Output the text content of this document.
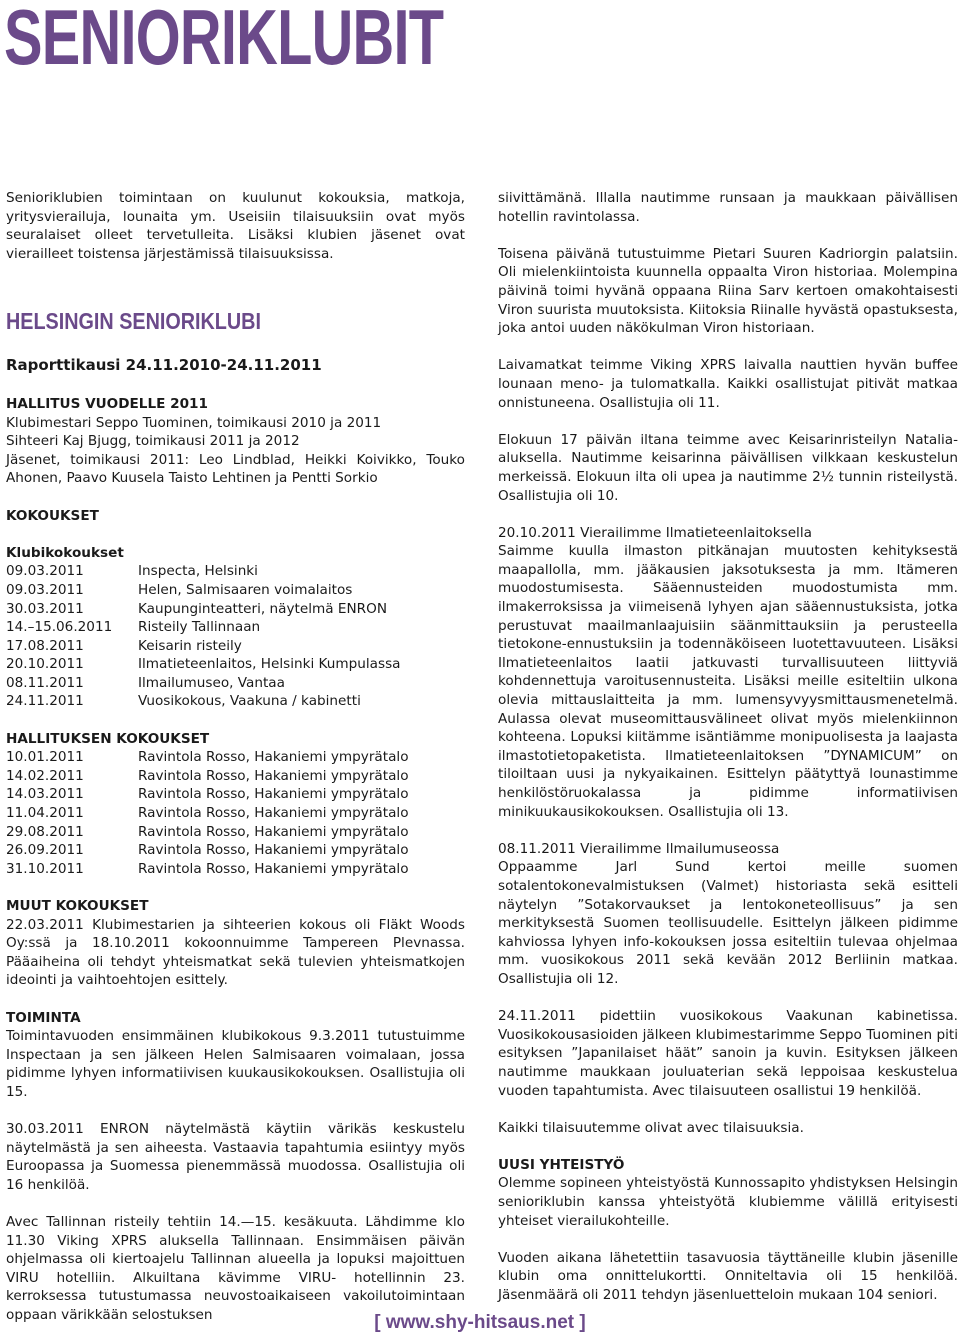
SENIORIKLUBIT

Senioriklubien toimintaan on kuulunut kokouksia, matkoja, yritysvierailuja, lounaita ym. Useisiin tilaisuuksiin ovat myös seuralaiset olleet tervetulleita. Lisäksi klubien jäsenet ovat vierailleet toistensa järjestämissä tilaisuuksissa.

HELSINGIN SENIORIKLUBI
Raporttikausi 24.11.2010-24.11.2011
HALLITUS VUODELLE 2011
Klubimestari Seppo Tuominen, toimikausi 2010 ja 2011
Sihteeri Kaj Bjugg, toimikausi 2011 ja 2012

Jäsenet, toimikausi 2011: Leo Lindblad, Heikki Koivikko, Touko Ahonen, Paavo Kuusela Taisto Lehtinen ja Pentti Sorkio

KOKOUKSET
Klubikokoukset
09.03.2011	Inspecta, Helsinki
09.03.2011	Helen, Salmisaaren voimalaitos
30.03.2011	Kaupunginteatteri, näytelmä ENRON
14.–15.06.2011	Risteily Tallinnaan
17.08.2011	Keisarin risteily
20.10.2011	Ilmatieteenlaitos, Helsinki Kumpulassa
08.11.2011	Ilmailumuseo, Vantaa
24.11.2011	Vuosikokous, Vaakuna / kabinetti
HALLITUKSEN KOKOUKSET
10.01.2011	Ravintola Rosso, Hakaniemi ympyrätalo
14.02.2011	Ravintola Rosso, Hakaniemi ympyrätalo
14.03.2011	Ravintola Rosso, Hakaniemi ympyrätalo
11.04.2011	Ravintola Rosso, Hakaniemi ympyrätalo
29.08.2011	Ravintola Rosso, Hakaniemi ympyrätalo
26.09.2011	Ravintola Rosso, Hakaniemi ympyrätalo
31.10.2011	Ravintola Rosso, Hakaniemi ympyrätalo
MUUT KOKOUKSET

22.03.2011 Klubimestarien ja sihteerien kokous oli Fläkt Woods Oy:ssä ja 18.10.2011 kokoonnuimme Tampereen Plevnassa. Pääaiheina oli tehdyt yhteismatkat sekä tulevien yhteismatkojen ideointi ja vaihtoehtojen esittely.

TOIMINTA

Toimintavuoden ensimmäinen klubikokous 9.3.2011 tutustuimme Inspectaan ja sen jälkeen Helen Salmisaaren voimalaan, jossa pidimme lyhyen informatiivisen kuukausikokouksen. Osallistujia oli 15.

30.03.2011 ENRON näytelmästä käytiin värikäs keskustelu näytelmästä ja sen aiheesta. Vastaavia tapahtumia esiintyy myös Euroopassa ja Suomessa pienemmässä muodossa. Osallistujia oli 16 henkilöä.

Avec Tallinnan risteily tehtiin 14.—15. kesäkuuta. Lähdimme klo 11.30 Viking XPRS aluksella Tallinnaan. Ensimmäisen päivän ohjelmassa oli kiertoajelu Tallinnan alueella ja lopuksi majoittuen VIRU hotelliin. Alkuiltana kävimme VIRU- hotellinnin 23. kerroksessa tutustumassa neuvostoaikaiseen vakoilutoimintaan oppaan värikkään selostuksen

siivittämänä. Illalla nautimme runsaan ja maukkaan päivällisen hotellin ravintolassa.

Toisena päivänä tutustuimme Pietari Suuren Kadriorgin palatsiin. Oli mielenkiintoista kuunnella oppaalta Viron historiaa. Molempina päivinä toimi hyvänä oppaana Riina Sarv kertoen omakohtaisesti Viron suurista muutoksista. Kiitoksia Riinalle hyvästä opastuksesta, joka antoi uuden näkökulman Viron historiaan.

Laivamatkat teimme Viking XPRS laivalla nauttien hyvän buffee lounaan meno- ja tulomatkalla. Kaikki osallistujat pitivät matkaa onnistuneena. Osallistujia oli 11.

Elokuun 17 päivän iltana teimme avec Keisarinristeilyn Natalia-aluksella. Nautimme keisarinna päivällisen vilkkaan keskustelun merkeissä. Elokuun ilta oli upea ja nautimme 2½ tunnin risteilystä. Osallistujia oli 10.

20.10.2011 Vierailimme Ilmatieteenlaitoksella

Saimme kuulla ilmaston pitkänajan muutosten kehityksestä maapallolla, mm. jääkausien jaksotuksesta ja mm. Itämeren muodostumisesta. Sääennusteiden muodostumista mm. ilmakerroksissa ja viimeisenä lyhyen ajan sääennustuksista, jotka perustuvat maailmanlaajuisiin säänmittauksiin ja perusteella tietokone-ennustuksiin ja todennäköiseen luotettavuuteen. Lisäksi Ilmatieteenlaitos laatii jatkuvasti turvallisuuteen liittyviä kohdennettuja varoitusennusteita. Lisäksi meille esiteltiin ulkona olevia mittauslaitteita ja mm. lumensyvyysmittausmenetelmä. Aulassa olevat museomittausvälineet olivat myös mielenkiinnon kohteena. Lopuksi kiitämme isäntiämme monipuolisesta ja laajasta ilmastotietopaketista. Ilmatieteenlaitoksen ”DYNAMICUM” on tiloiltaan uusi ja nykyaikainen. Esittelyn päätyttyä lounastimme henkilöstöruokalassa ja pidimme informatiivisen minikuukausikokouksen. Osallistujia oli 13.

08.11.2011 Vierailimme Ilmailumuseossa

Oppaamme Jarl Sund kertoi meille suomen sotalentokonevalmistuksen (Valmet) historiasta sekä esitteli näytelyn ”Sotakorvaukset ja lentokoneteollisuus” ja sen merkityksestä Suomen teollisuudelle. Esittelyn jälkeen pidimme kahviossa lyhyen info-kokouksen jossa esiteltiin tulevaa ohjelmaa mm. vuosikokous 2011 sekä kevään 2012 Berliinin matkaa. Osallistujia oli 12.

24.11.2011 pidettiin vuosikokous Vaakunan kabinetissa. Vuosikokousasioiden jälkeen klubimestarimme Seppo Tuominen piti esityksen ”Japanilaiset häät” sanoin ja kuvin. Esityksen jälkeen nautimme maukkaan jouluaterian sekä leppoisaa keskustelua vuoden tapahtumista. Avec tilaisuuteen osallistui 19 henkilöä.

Kaikki tilaisuutemme olivat avec tilaisuuksia.

UUSI YHTEISTYÖ

Olemme sopineen yhteistyöstä Kunnossapito yhdistyksen Helsingin senioriklubin kanssa yhteistyötä klubiemme välillä erityisesti yhteiset vierailukohteille.

Vuoden aikana lähetettiin tasavuosia täyttäneille klubin jäsenille klubin oma onnittelukortti. Onniteltavia oli 15 henkilöä. Jäsenmäärä oli 2011 tehdyn jäsenluetteloin mukaan 104 seniori.

[ www.shy-hitsaus.net ]
